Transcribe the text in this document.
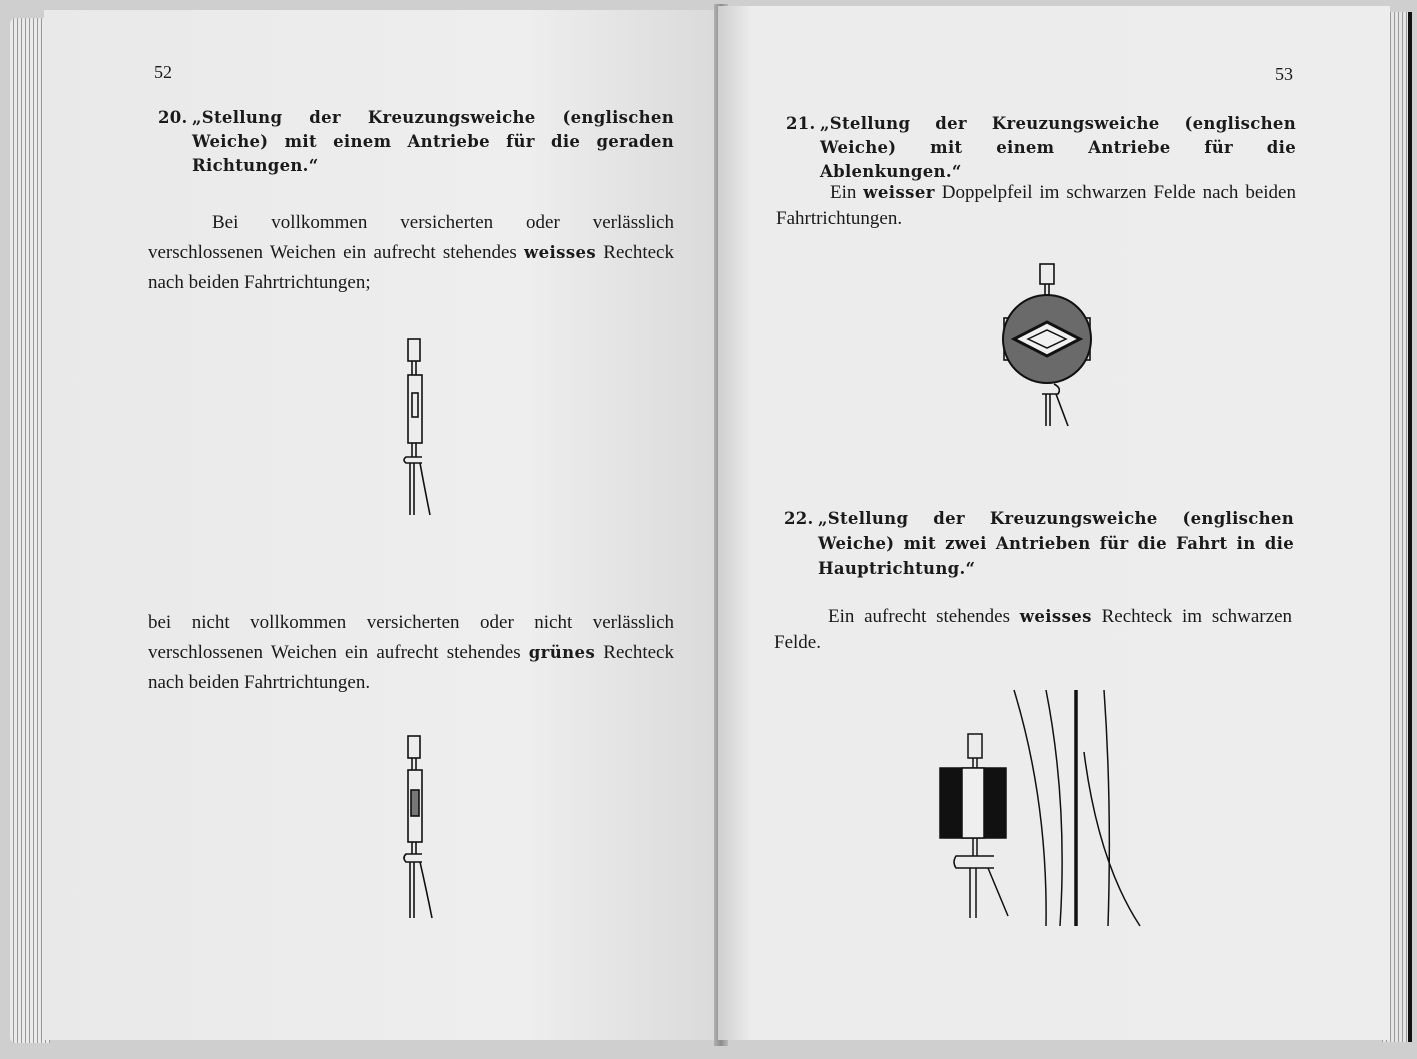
52
20. „Stellung der Kreuzungsweiche (englischen Weiche) mit einem Antriebe für die geraden Richtungen.“
Bei vollkommen versicherten oder verlässlich verschlossenen Weichen ein aufrecht stehendes weisses Rechteck nach beiden Fahrtrichtungen;
bei nicht vollkommen versicherten oder nicht verlässlich verschlossenen Weichen ein aufrecht stehendes grünes Rechteck nach beiden Fahrtrichtungen.
53
21. „Stellung der Kreuzungsweiche (englischen Weiche) mit einem Antriebe für die Ablenkungen.“
Ein weisser Doppelpfeil im schwarzen Felde nach beiden Fahrtrichtungen.
22. „Stellung der Kreuzungsweiche (englischen Weiche) mit zwei Antrieben für die Fahrt in die Hauptrichtung.“
Ein aufrecht stehendes weisses Rechteck im schwarzen Felde.
